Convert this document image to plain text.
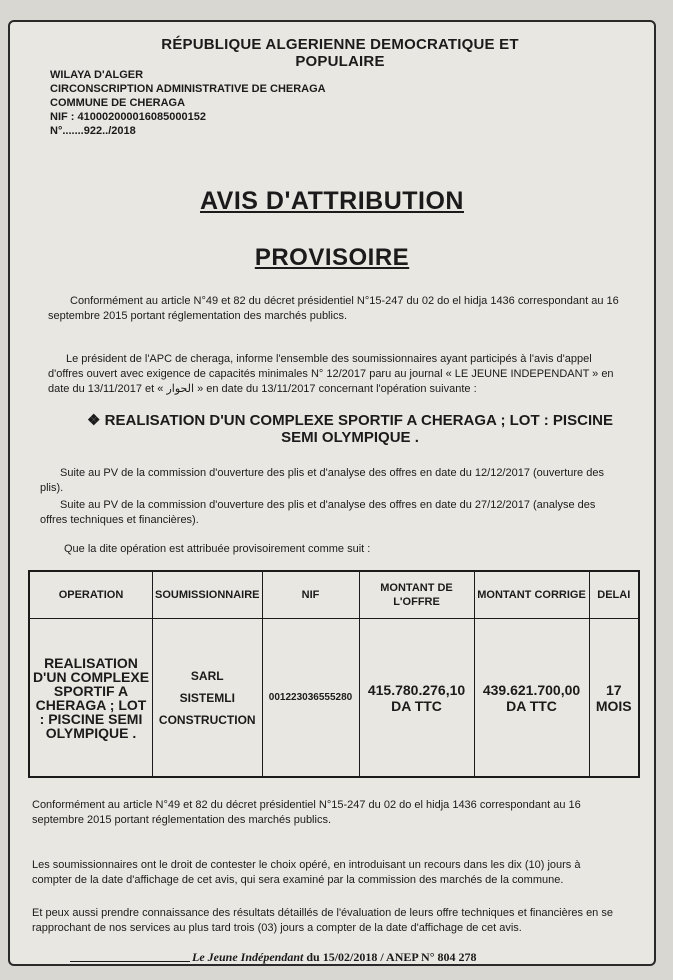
RÉPUBLIQUE ALGERIENNE DEMOCRATIQUE ET POPULAIRE
WILAYA D'ALGER
CIRCONSCRIPTION ADMINISTRATIVE DE CHERAGA
COMMUNE DE CHERAGA
NIF : 410002000016085000152
N°.......922../2018
AVIS D'ATTRIBUTION
PROVISOIRE
Conformément au article N°49 et 82 du décret présidentiel N°15-247 du 02 do el hidja 1436 correspondant au 16 septembre 2015 portant réglementation des marchés publics.
Le président de l'APC de cheraga, informe l'ensemble des soumissionnaires ayant participés à l'avis d'appel d'offres ouvert avec exigence de capacités minimales N° 12/2017 paru au journal « LE JEUNE INDEPENDANT » en date du 13/11/2017 et « الحوار » en date du 13/11/2017 concernant l'opération suivante :
❖ REALISATION D'UN COMPLEXE SPORTIF A CHERAGA ; LOT : PISCINE SEMI OLYMPIQUE .
Suite au PV de la commission d'ouverture des plis et d'analyse des offres en date du 12/12/2017 (ouverture des plis).
Suite au PV de la commission d'ouverture des plis et d'analyse des offres en date du 27/12/2017 (analyse des offres techniques et financières).
Que la dite opération est attribuée provisoirement comme suit :
OPERATION	SOUMISSIONNAIRE	NIF	MONTANT DE L'OFFRE	MONTANT CORRIGE	DELAI
REALISATION D'UN COMPLEXE SPORTIF A CHERAGA ; LOT : PISCINE SEMI OLYMPIQUE .	SARL
SISTEMLI
CONSTRUCTION	001223036555280	415.780.276,10 DA TTC	439.621.700,00 DA TTC	17 MOIS
Conformément au article N°49 et 82 du décret présidentiel N°15-247 du 02 do el hidja 1436 correspondant au 16 septembre 2015 portant réglementation des marchés publics.
Les soumissionnaires ont le droit de contester le choix opéré, en introduisant un recours dans les dix (10) jours à compter de la date d'affichage de cet avis, qui sera examiné par la commission des marchés de la commune.
Et peux aussi prendre connaissance des résultats détaillés de l'évaluation de leurs offre techniques et financières en se rapprochant de nos services au plus tard trois (03) jours a compter de la date d'affichage de cet avis.
Le Jeune Indépendant du 15/02/2018 / ANEP N° 804 278
